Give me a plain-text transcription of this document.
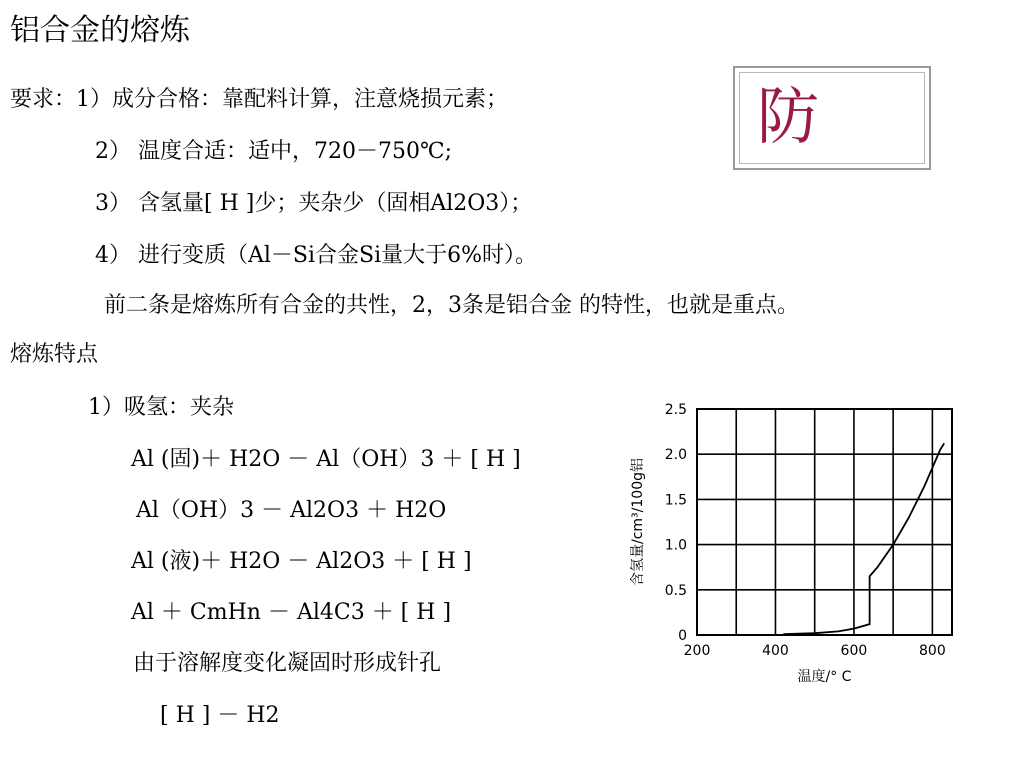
铝合金的熔炼
要求：1）成分合格：靠配料计算，注意烧损元素；
2） 温度合适：适中，720－750℃;
3） 含氢量[ H ]少；夹杂少（固相Al2O3）；
4） 进行变质（Al－Si合金Si量大于6%时）。
前二条是熔炼所有合金的共性，2，3条是铝合金 的特性，也就是重点。
熔炼特点
1）吸氢：夹杂
Al (固)＋ H2O － Al（OH）3 ＋ [ H ]
Al（OH）3 － Al2O3 ＋ H2O
Al (液)＋ H2O － Al2O3 ＋ [ H ]
Al ＋ CmHn － Al4C3 ＋ [ H ]
由于溶解度变化凝固时形成针孔
[ H ] － H2
防
0
0.5
1.0
1.5
2.0
2.5
200	400	600	800
温度/° C
含氢量/cm³/100g铝
